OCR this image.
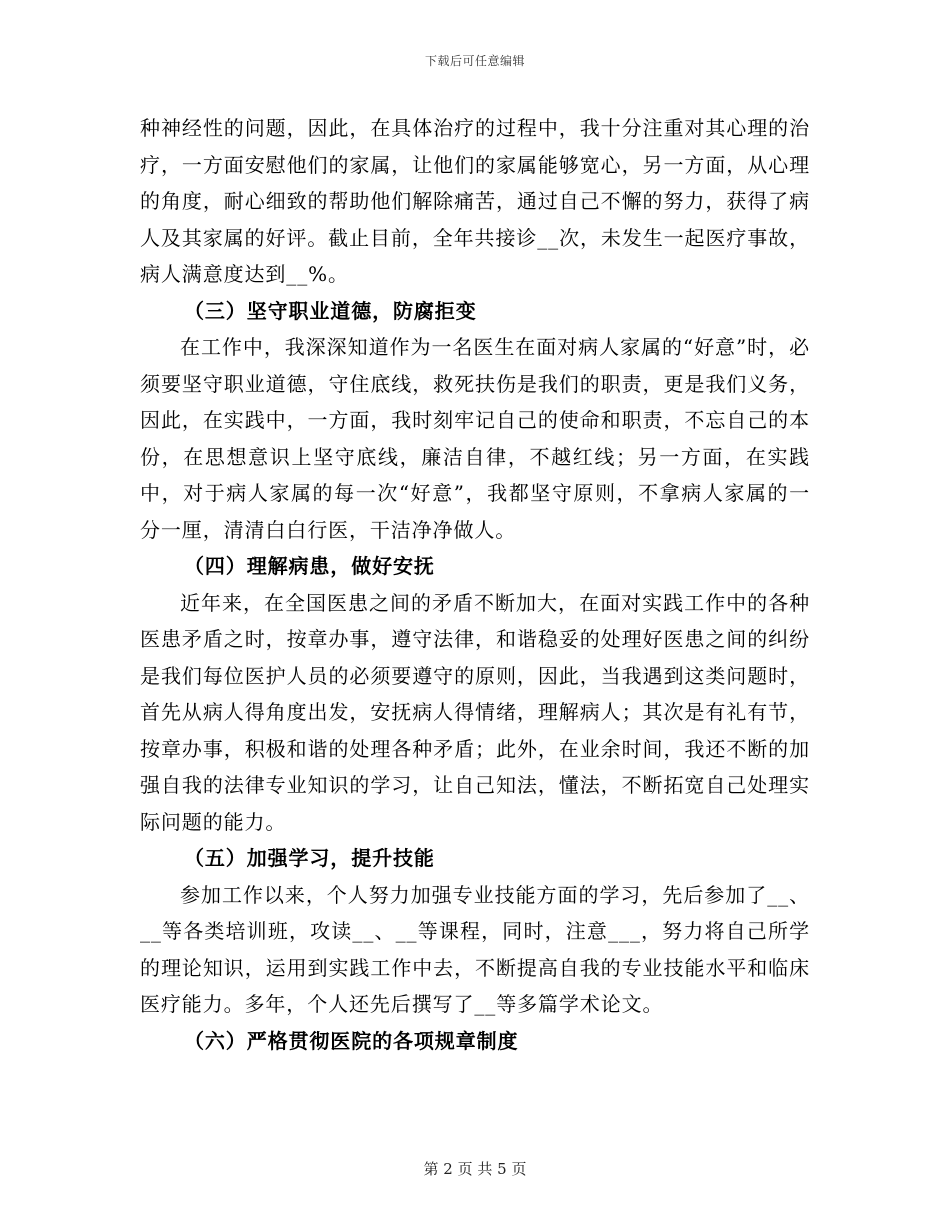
下载后可任意编辑

种神经性的问题，因此，在具体治疗的过程中，我十分注重对其心理的治疗，一方面安慰他们的家属，让他们的家属能够宽心，另一方面，从心理的角度，耐心细致的帮助他们解除痛苦，通过自己不懈的努力，获得了病人及其家属的好评。截止目前，全年共接诊__次，未发生一起医疗事故，病人满意度达到__%。

（三）坚守职业道德，防腐拒变

在工作中，我深深知道作为一名医生在面对病人家属的“好意”时，必须要坚守职业道德，守住底线，救死扶伤是我们的职责，更是我们义务，因此，在实践中，一方面，我时刻牢记自己的使命和职责，不忘自己的本份，在思想意识上坚守底线，廉洁自律，不越红线；另一方面，在实践中，对于病人家属的每一次“好意”，我都坚守原则，不拿病人家属的一分一厘，清清白白行医，干洁净净做人。

（四）理解病患，做好安抚

近年来，在全国医患之间的矛盾不断加大，在面对实践工作中的各种医患矛盾之时，按章办事，遵守法律，和谐稳妥的处理好医患之间的纠纷是我们每位医护人员的必须要遵守的原则，因此，当我遇到这类问题时，首先从病人得角度出发，安抚病人得情绪，理解病人；其次是有礼有节，按章办事，积极和谐的处理各种矛盾；此外，在业余时间，我还不断的加强自我的法律专业知识的学习，让自己知法，懂法，不断拓宽自己处理实际问题的能力。

（五）加强学习，提升技能

参加工作以来，个人努力加强专业技能方面的学习，先后参加了__、__等各类培训班，攻读__、__等课程，同时，注意___，努力将自己所学的理论知识，运用到实践工作中去，不断提高自我的专业技能水平和临床医疗能力。多年，个人还先后撰写了__等多篇学术论文。

（六）严格贯彻医院的各项规章制度

第 2 页 共 5 页
